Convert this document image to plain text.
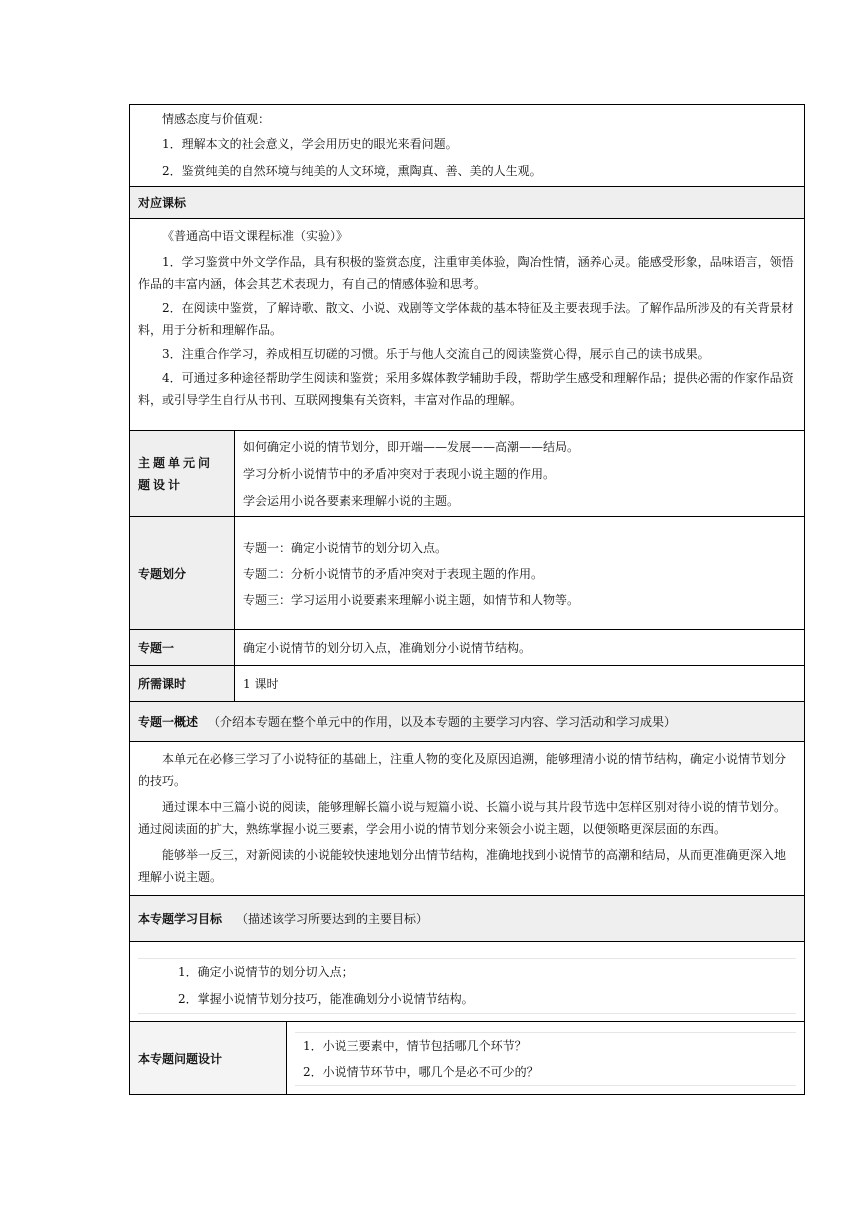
情感态度与价值观：

1．理解本文的社会意义，学会用历史的眼光来看问题。

2．鉴赏纯美的自然环境与纯美的人文环境，熏陶真、善、美的人生观。

对应课标

《普通高中语文课程标准（实验）》

1．学习鉴赏中外文学作品，具有积极的鉴赏态度，注重审美体验，陶冶性情，涵养心灵。能感受形象，品味语言，领悟作品的丰富内涵，体会其艺术表现力，有自己的情感体验和思考。

2．在阅读中鉴赏，了解诗歌、散文、小说、戏剧等文学体裁的基本特征及主要表现手法。了解作品所涉及的有关背景材料，用于分析和理解作品。

3．注重合作学习，养成相互切磋的习惯。乐于与他人交流自己的阅读鉴赏心得，展示自己的读书成果。

4．可通过多种途径帮助学生阅读和鉴赏；采用多媒体教学辅助手段，帮助学生感受和理解作品；提供必需的作家作品资料，或引导学生自行从书刊、互联网搜集有关资料，丰富对作品的理解。

主题单元问题设计

如何确定小说的情节划分，即开端——发展——高潮——结局。

学习分析小说情节中的矛盾冲突对于表现小说主题的作用。

学会运用小说各要素来理解小说的主题。

专题划分

专题一：确定小说情节的划分切入点。

专题二：分析小说情节的矛盾冲突对于表现主题的作用。

专题三：学习运用小说要素来理解小说主题，如情节和人物等。

专题一	确定小说情节的划分切入点，准确划分小说情节结构。
所需课时	1 课时
专题一概述 （介绍本专题在整个单元中的作用，以及本专题的主要学习内容、学习活动和学习成果）

本单元在必修三学习了小说特征的基础上，注重人物的变化及原因追溯，能够理清小说的情节结构，确定小说情节划分的技巧。

通过课本中三篇小说的阅读，能够理解长篇小说与短篇小说、长篇小说与其片段节选中怎样区别对待小说的情节划分。通过阅读面的扩大，熟练掌握小说三要素，学会用小说的情节划分来领会小说主题，以便领略更深层面的东西。

能够举一反三，对新阅读的小说能较快速地划分出情节结构，准确地找到小说情节的高潮和结局，从而更准确更深入地理解小说主题。

本专题学习目标 （描述该学习所要达到的主要目标）

1．确定小说情节的划分切入点；

2．掌握小说情节划分技巧，能准确划分小说情节结构。

本专题问题设计

1．小说三要素中，情节包括哪几个环节？

2．小说情节环节中，哪几个是必不可少的？
